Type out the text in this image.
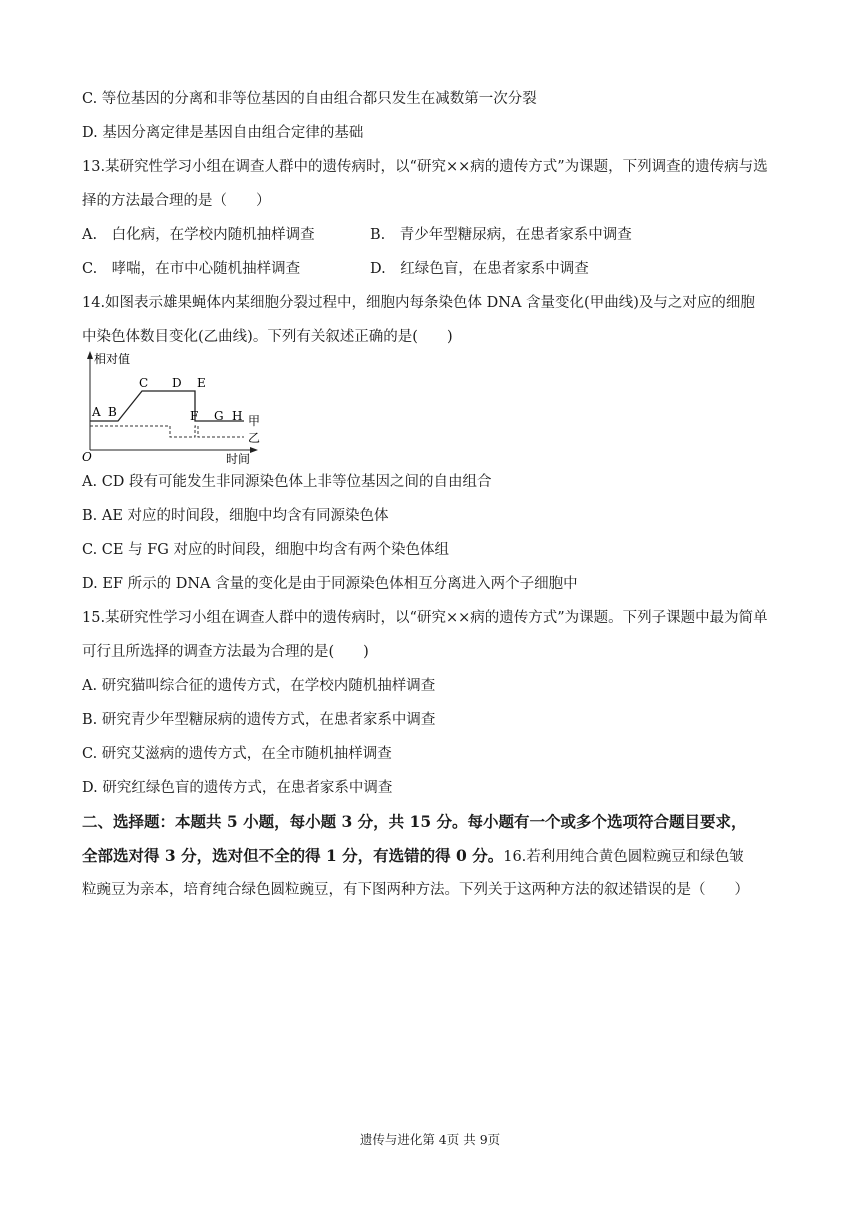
C. 等位基因的分离和非等位基因的自由组合都只发生在减数第一次分裂
D. 基因分离定律是基因自由组合定律的基础
13.某研究性学习小组在调查人群中的遗传病时，以“研究××病的遗传方式”为课题，下列调查的遗传病与选
择的方法最合理的是（　　）
A.　白化病，在学校内随机抽样调查	B.　青少年型糖尿病，在患者家系中调查
C.　哮喘，在市中心随机抽样调查	D.　红绿色盲，在患者家系中调查
14.如图表示雄果蝇体内某细胞分裂过程中，细胞内每条染色体 DNA 含量变化(甲曲线)及与之对应的细胞
中染色体数目变化(乙曲线)。下列有关叙述正确的是(　　)
相对值
时间
O
A B
C D E
F G H 甲
乙
A. CD 段有可能发生非同源染色体上非等位基因之间的自由组合
B. AE 对应的时间段，细胞中均含有同源染色体
C. CE 与 FG 对应的时间段，细胞中均含有两个染色体组
D. EF 所示的 DNA 含量的变化是由于同源染色体相互分离进入两个子细胞中
15.某研究性学习小组在调查人群中的遗传病时，以“研究××病的遗传方式”为课题。下列子课题中最为简单
可行且所选择的调查方法最为合理的是(　　)
A. 研究猫叫综合征的遗传方式，在学校内随机抽样调查
B. 研究青少年型糖尿病的遗传方式，在患者家系中调查
C. 研究艾滋病的遗传方式，在全市随机抽样调查
D. 研究红绿色盲的遗传方式，在患者家系中调查
二、选择题：本题共 5 小题，每小题 3 分，共 15 分。每小题有一个或多个选项符合题目要求，
全部选对得 3 分，选对但不全的得 1 分，有选错的得 0 分。16.若利用纯合黄色圆粒豌豆和绿色皱
粒豌豆为亲本，培育纯合绿色圆粒豌豆，有下图两种方法。下列关于这两种方法的叙述错误的是（　　）
遗传与进化第 4页 共 9页
